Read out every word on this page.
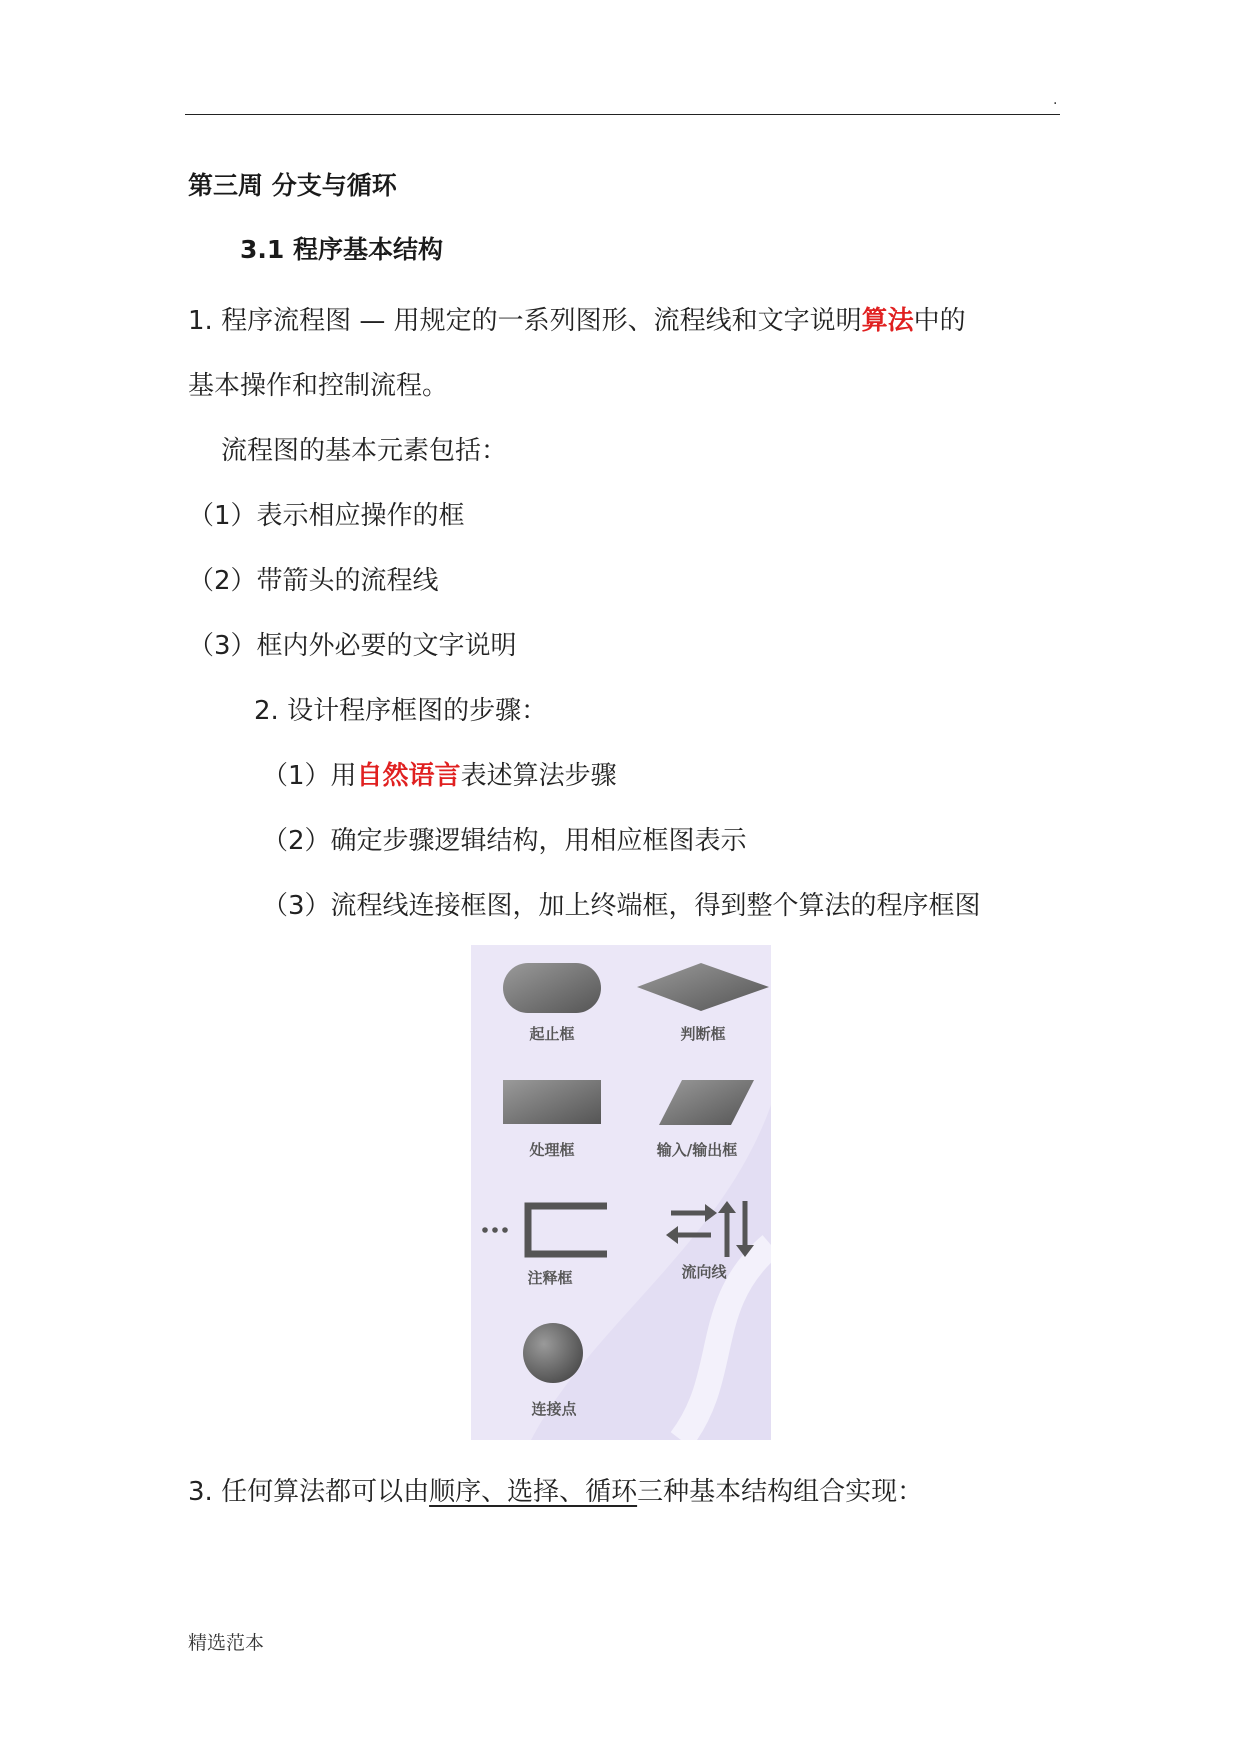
.
第三周 分支与循环
3.1 程序基本结构
1. 程序流程图 — 用规定的一系列图形、流程线和文字说明算法中的
基本操作和控制流程。
流程图的基本元素包括：
（1）表示相应操作的框
（2）带箭头的流程线
（3）框内外必要的文字说明
2. 设计程序框图的步骤：
（1）用自然语言表述算法步骤
（2）确定步骤逻辑结构，用相应框图表示
（3）流程线连接框图，加上终端框，得到整个算法的程序框图
起止框	判断框
处理框	输入/输出框
注释框	流向线
连接点
3. 任何算法都可以由顺序、选择、循环三种基本结构组合实现：
精选范本
